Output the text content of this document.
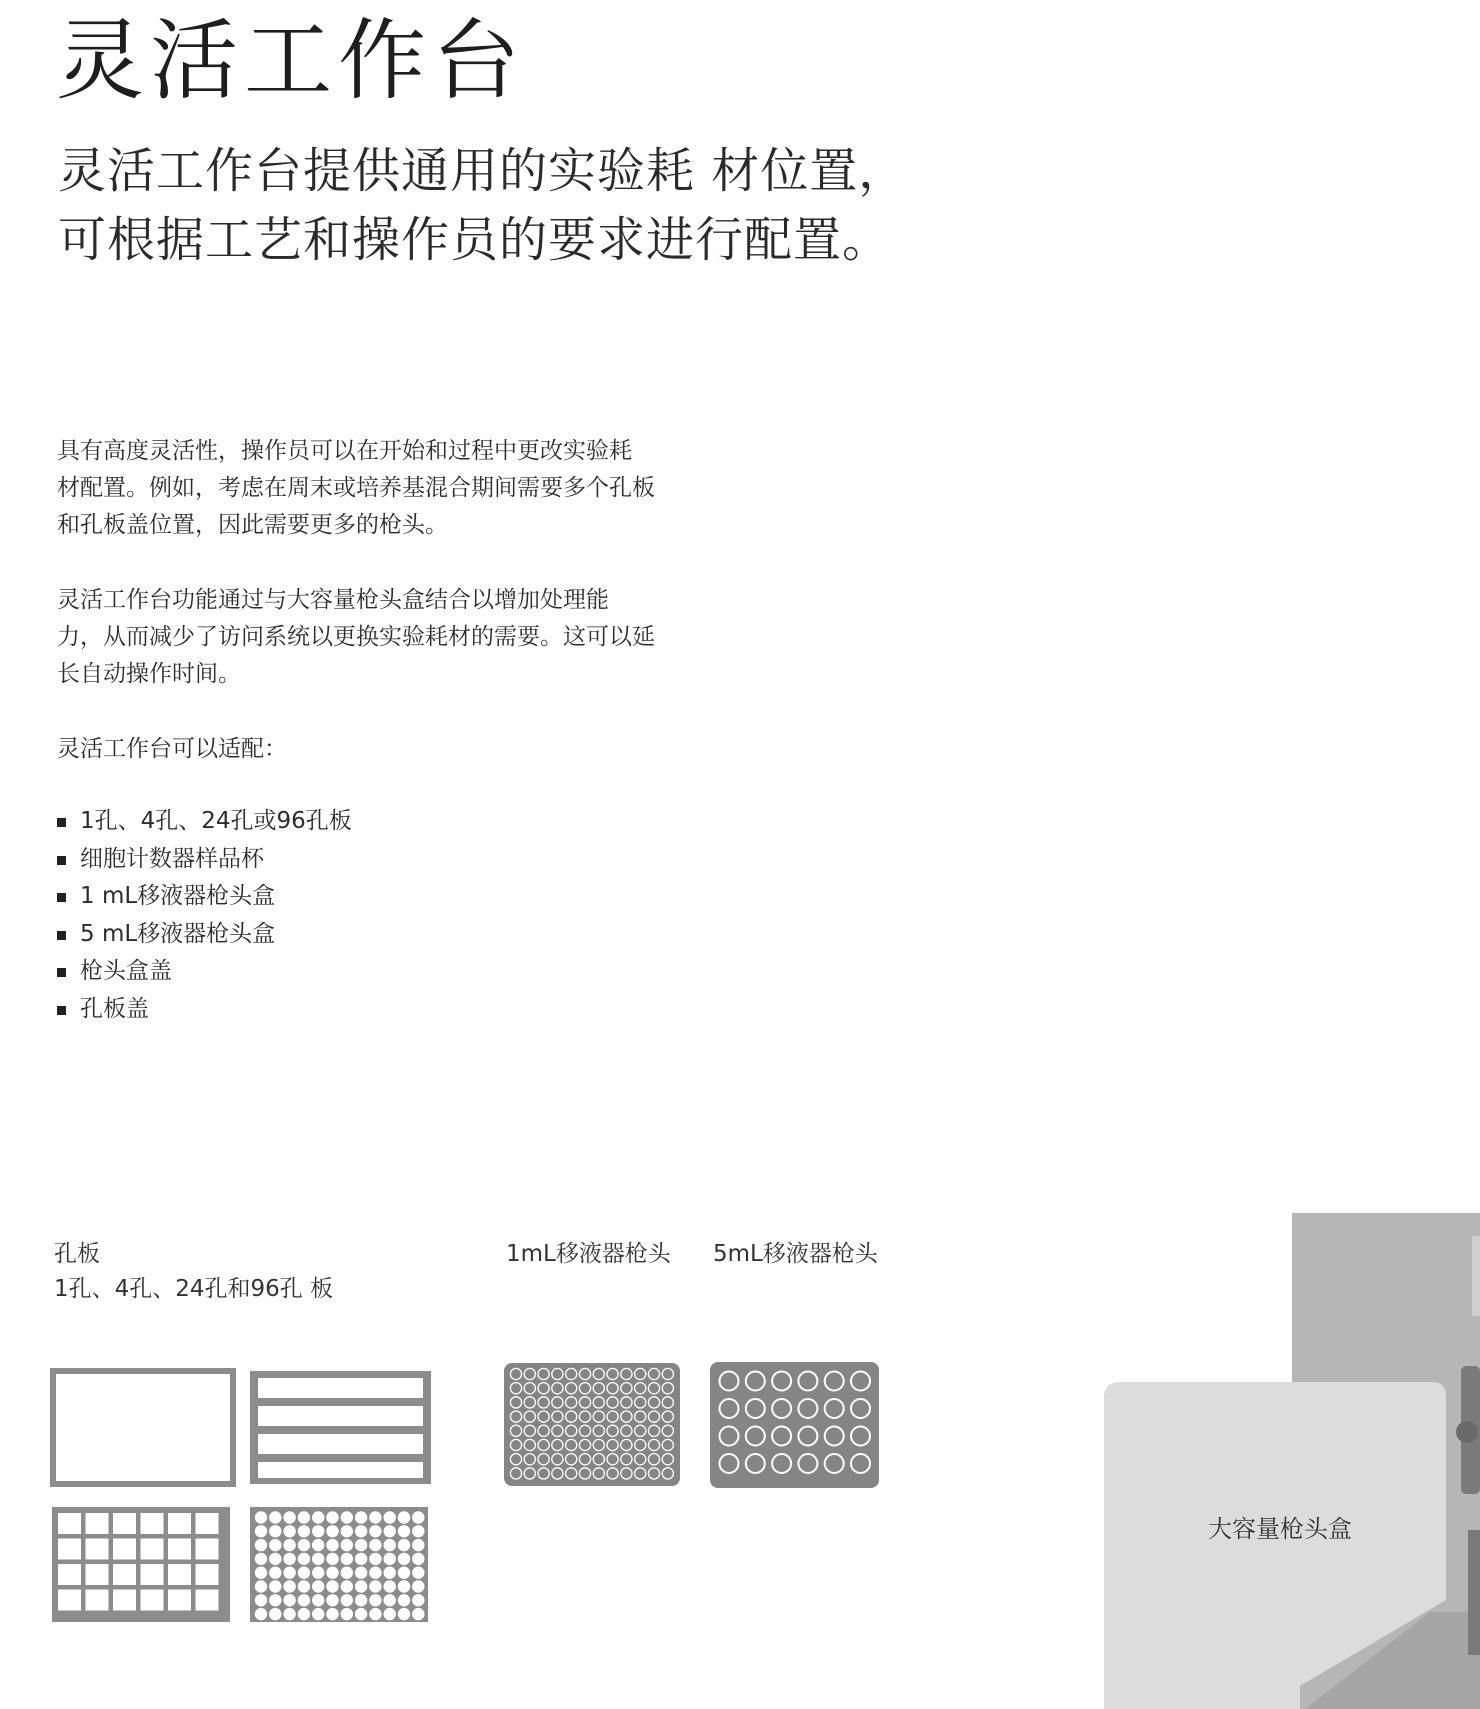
灵活工作台
灵活工作台提供通用的实验耗 材位置，
可根据工艺和操作员的要求进行配置。
具有高度灵活性，操作员可以在开始和过程中更改实验耗
材配置。例如，考虑在周末或培养基混合期间需要多个孔板
和孔板盖位置，因此需要更多的枪头。
灵活工作台功能通过与大容量枪头盒结合以增加处理能
力，从而减少了访问系统以更换实验耗材的需要。这可以延
长自动操作时间。
灵活工作台可以适配：
1孔、4孔、24孔或96孔板
细胞计数器样品杯
1 mL移液器枪头盒
5 mL移液器枪头盒
枪头盒盖
孔板盖
孔板
1孔、4孔、24孔和96孔 板
1mL移液器枪头 5mL移液器枪头
大容量枪头盒
